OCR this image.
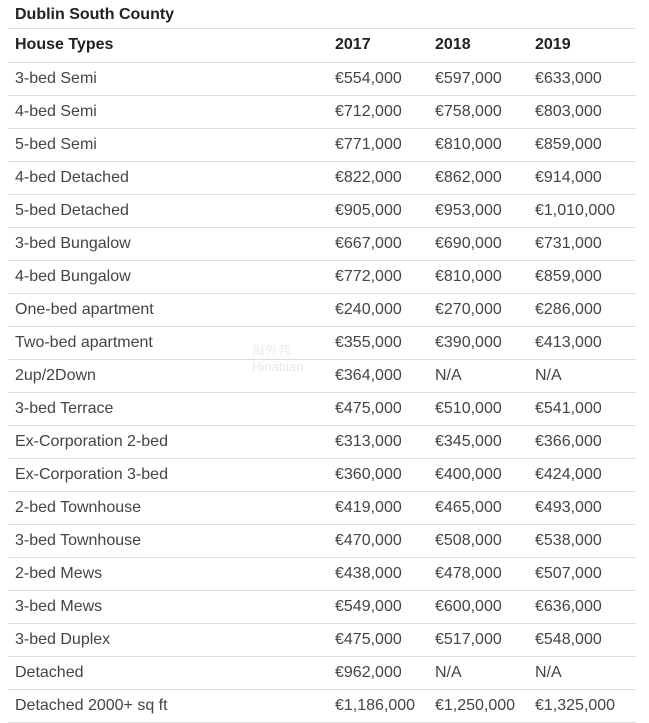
Dublin South County
House Types	2017	2018	2019
3-bed Semi	€554,000	€597,000	€633,000
4-bed Semi	€712,000	€758,000	€803,000
5-bed Semi	€771,000	€810,000	€859,000
4-bed Detached	€822,000	€862,000	€914,000
5-bed Detached	€905,000	€953,000	€1,010,000
3-bed Bungalow	€667,000	€690,000	€731,000
4-bed Bungalow	€772,000	€810,000	€859,000
One-bed apartment	€240,000	€270,000	€286,000
Two-bed apartment	€355,000	€390,000	€413,000
2up/2Down	€364,000	N/A	N/A
3-bed Terrace	€475,000	€510,000	€541,000
Ex-Corporation 2-bed	€313,000	€345,000	€366,000
Ex-Corporation 3-bed	€360,000	€400,000	€424,000
2-bed Townhouse	€419,000	€465,000	€493,000
3-bed Townhouse	€470,000	€508,000	€538,000
2-bed Mews	€438,000	€478,000	€507,000
3-bed Mews	€549,000	€600,000	€636,000
3-bed Duplex	€475,000	€517,000	€548,000
Detached	€962,000	N/A	N/A
Detached 2000+ sq ft	€1,186,000	€1,250,000	€1,325,000
海外邦
Hinabian
